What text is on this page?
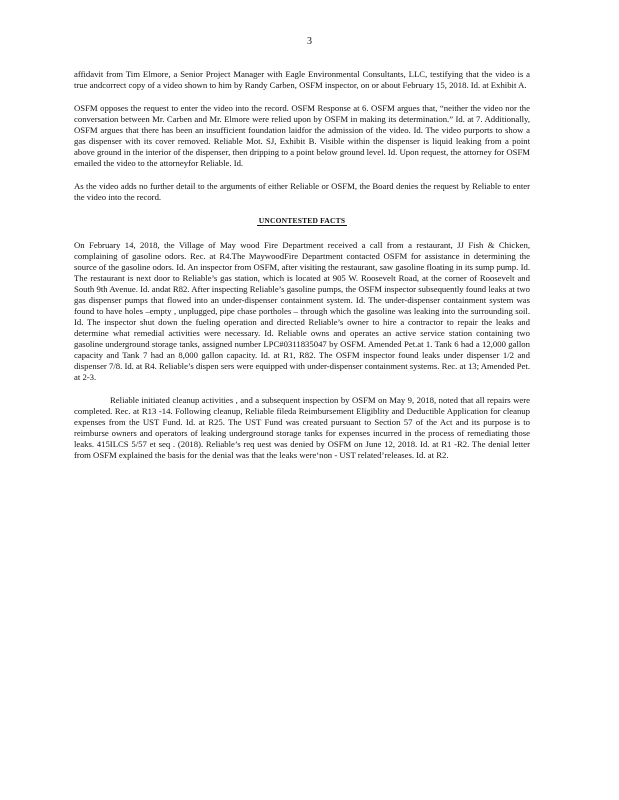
3

affidavit from Tim Elmore, a Senior Project Manager with Eagle Environmental Consultants, LLC, testifying that the video is a true andcorrect copy of a video shown to him by Randy Carben, OSFM inspector, on or about February 15, 2018. Id. at Exhibit A.

OSFM opposes the request to enter the video into the record. OSFM Response at 6. OSFM argues that, “neither the video nor the conversation between Mr. Carben and Mr. Elmore were relied upon by OSFM in making its determination.” Id. at 7. Additionally, OSFM argues that there has been an insufficient foundation laidfor the admission of the video. Id. The video purports to show a gas dispenser with its cover removed. Reliable Mot. SJ, Exhibit B. Visible within the dispenser is liquid leaking from a point above ground in the interior of the dispenser, then dripping to a point below ground level. Id. Upon request, the attorney for OSFM emailed the video to the attorneyfor Reliable. Id.

As the video adds no further detail to the arguments of either Reliable or OSFM, the Board denies the request by Reliable to enter the video into the record.

UNCONTESTED FACTS

On February 14, 2018, the Village of May wood Fire Department received a call from a restaurant, JJ Fish & Chicken, complaining of gasoline odors. Rec. at R4.The MaywoodFire Department contacted OSFM for assistance in determining the source of the gasoline odors. Id. An inspector from OSFM, after visiting the restaurant, saw gasoline floating in its sump pump. Id. The restaurant is next door to Reliable’s gas station, which is located at 905 W. Roosevelt Road, at the corner of Roosevelt and South 9th Avenue. Id. andat R82. After inspecting Reliable’s gasoline pumps, the OSFM inspector subsequently found leaks at two gas dispenser pumps that flowed into an under-dispenser containment system. Id. The under-dispenser containment system was found to have holes –empty , unplugged, pipe chase portholes – through which the gasoline was leaking into the surrounding soil. Id. The inspector shut down the fueling operation and directed Reliable’s owner to hire a contractor to repair the leaks and determine what remedial activities were necessary. Id. Reliable owns and operates an active service station containing two gasoline underground storage tanks, assigned number LPC#0311835047 by OSFM. Amended Pet.at 1. Tank 6 had a 12,000 gallon capacity and Tank 7 had an 8,000 gallon capacity. Id. at R1, R82. The OSFM inspector found leaks under dispenser 1/2 and dispenser 7/8. Id. at R4. Reliable’s dispen sers were equipped with under-dispenser containment systems. Rec. at 13; Amended Pet. at 2-3.

Reliable initiated cleanup activities , and a subsequent inspection by OSFM on May 9, 2018, noted that all repairs were completed. Rec. at R13 -14. Following cleanup, Reliable fileda Reimbursement Eligiblity and Deductible Application for cleanup expenses from the UST Fund. Id. at R25. The UST Fund was created pursuant to Section 57 of the Act and its purpose is to reimburse owners and operators of leaking underground storage tanks for expenses incurred in the process of remediating those leaks. 415ILCS 5/57 et seq . (2018). Reliable’s req uest was denied by OSFM on June 12, 2018. Id. at R1 -R2. The denial letter from OSFM explained the basis for the denial was that the leaks were‘non - UST related’releases. Id. at R2.
